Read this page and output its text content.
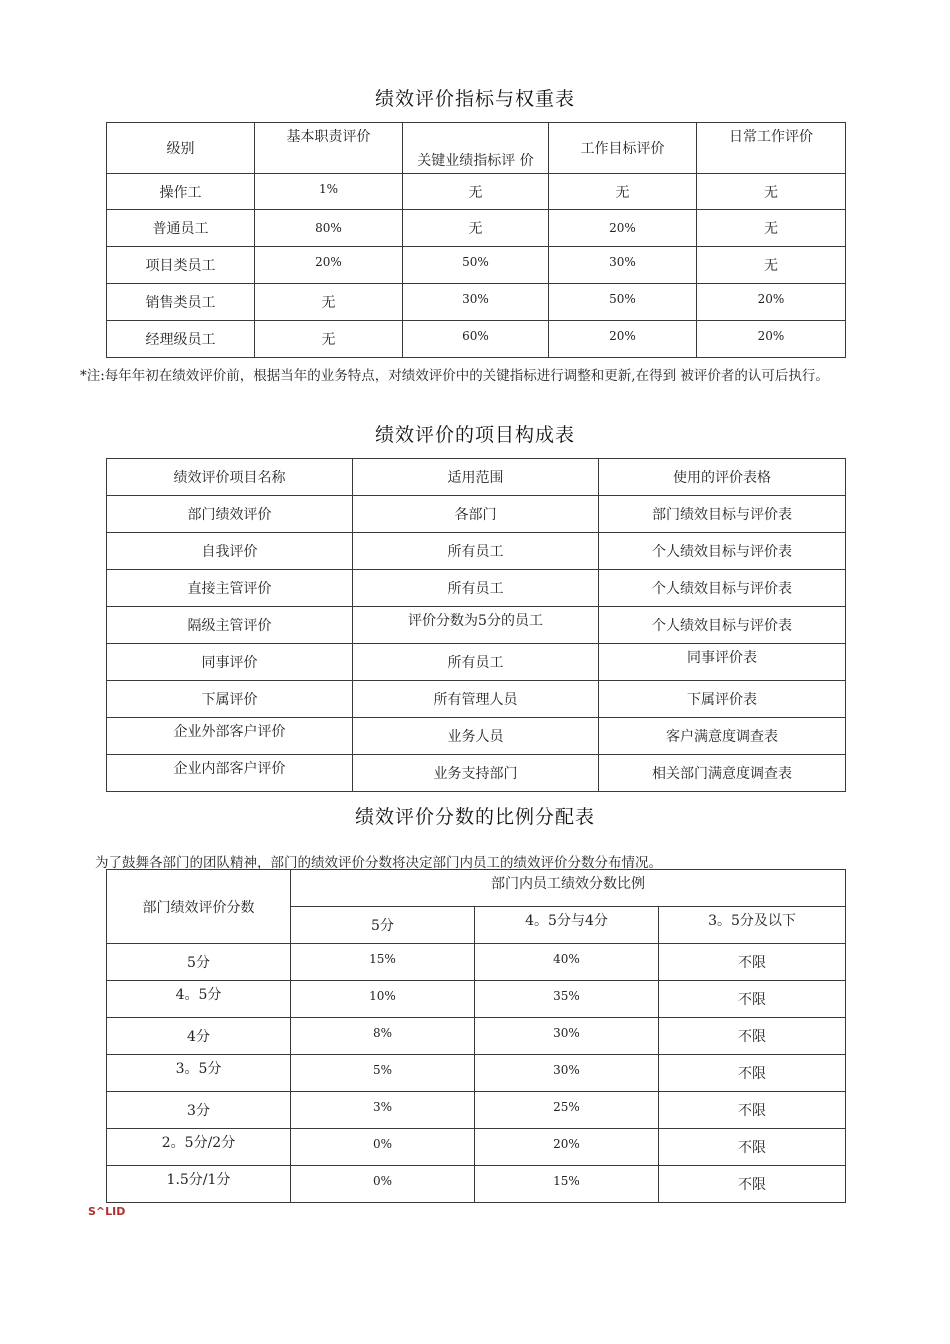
绩效评价指标与权重表
级别	基本职责评价	关键业绩指标评 价	工作目标评价	日常工作评价
操作工	1%	无	无	无
普通员工	80%	无	20%	无
项目类员工	20%	50%	30%	无
销售类员工	无	30%	50%	20%
经理级员工	无	60%	20%	20%
*注:每年年初在绩效评价前，根据当年的业务特点，对绩效评价中的关键指标进行调整和更新,在得到 被评价者的认可后执行。
绩效评价的项目构成表
绩效评价项目名称	适用范围	使用的评价表格
部门绩效评价	各部门	部门绩效目标与评价表
自我评价	所有员工	个人绩效目标与评价表
直接主管评价	所有员工	个人绩效目标与评价表
隔级主管评价	评价分数为5分的员工	个人绩效目标与评价表
同事评价	所有员工	同事评价表
下属评价	所有管理人员	下属评价表
企业外部客户评价	业务人员	客户满意度调查表
企业内部客户评价	业务支持部门	相关部门满意度调查表
绩效评价分数的比例分配表
为了鼓舞各部门的团队精神，部门的绩效评价分数将决定部门内员工的绩效评价分数分布情况。
部门绩效评价分数	部门内员工绩效分数比例		
	5分	4。5分与4分	3。5分及以下
5分	15%	40%	不限
4。5分	10%	35%	不限
4分	8%	30%	不限
3。5分	5%	30%	不限
3分	3%	25%	不限
2。5分/2分	0%	20%	不限
1.5分/1分	0%	15%	不限
S^LID
